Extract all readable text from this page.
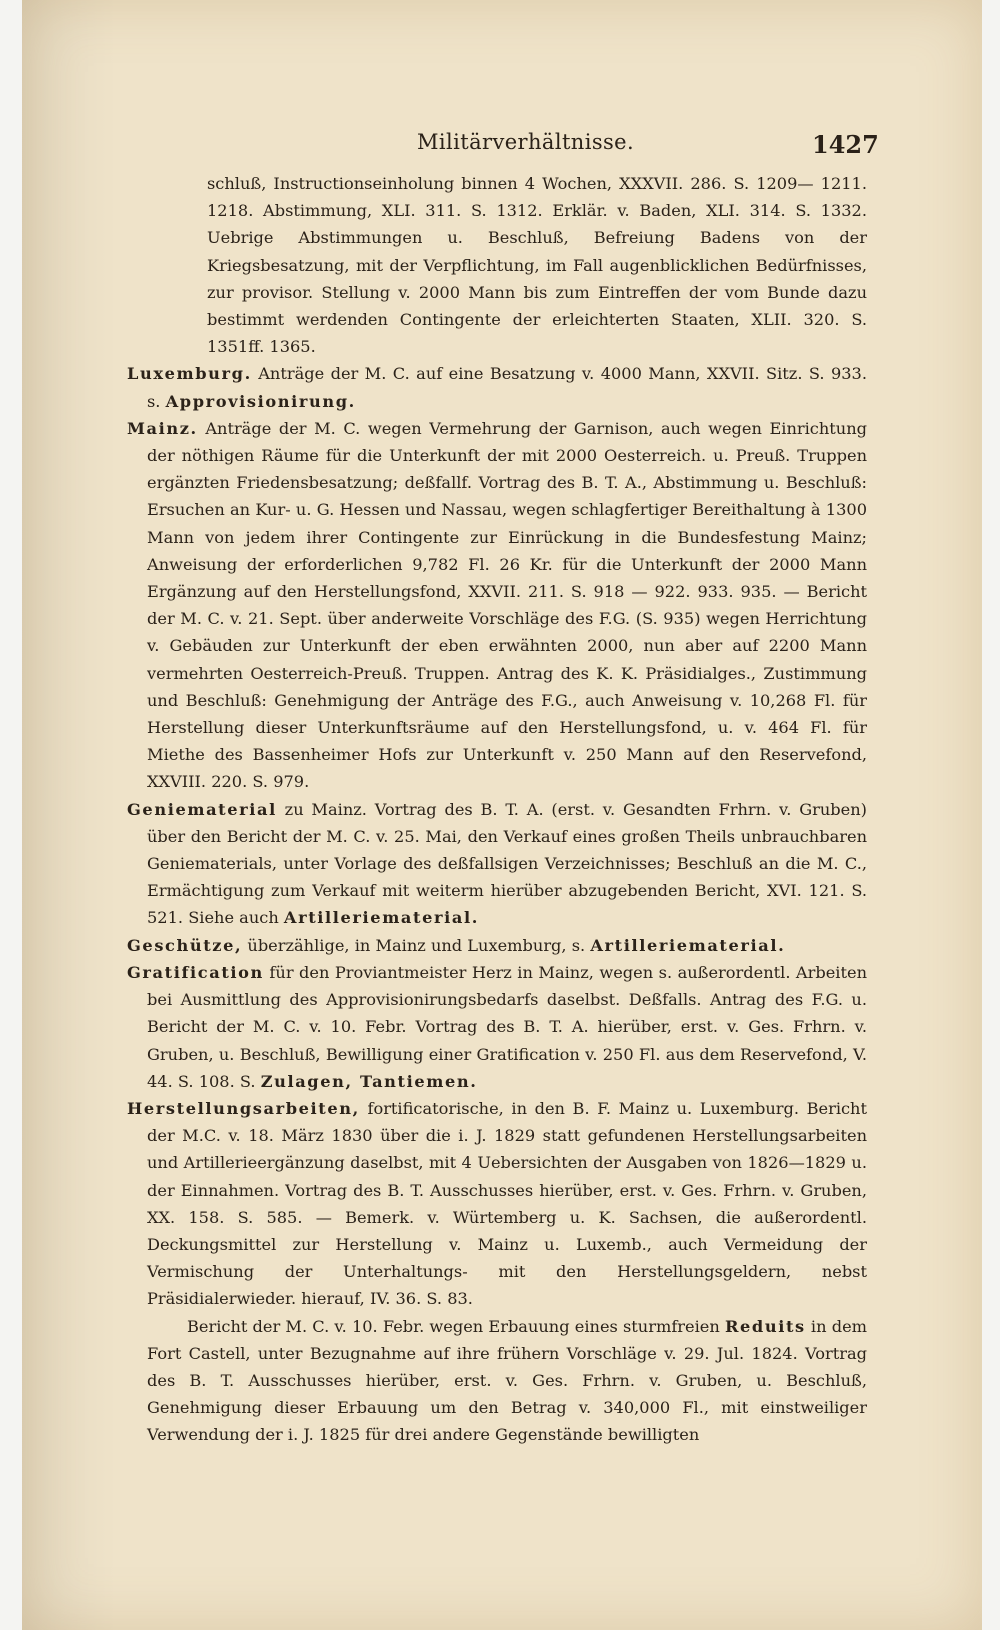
Militärverhältnisse.	1427

schluß, Instructionseinholung binnen 4 Wochen, XXXVII. 286. S. 1209— 1211. 1218. Abstimmung, XLI. 311. S. 1312. Erklär. v. Baden, XLI. 314. S. 1332. Uebrige Abstimmungen u. Beschluß, Befreiung Badens von der Kriegsbesatzung, mit der Verpflichtung, im Fall augenblicklichen Bedürfnisses, zur provisor. Stellung v. 2000 Mann bis zum Eintreffen der vom Bunde dazu bestimmt werdenden Contingente der erleichterten Staaten, XLII. 320. S. 1351ff. 1365.

Luxemburg. Anträge der M. C. auf eine Besatzung v. 4000 Mann, XXVII. Sitz. S. 933. s. Approvisionirung.

Mainz. Anträge der M. C. wegen Vermehrung der Garnison, auch wegen Einrichtung der nöthigen Räume für die Unterkunft der mit 2000 Oesterreich. u. Preuß. Truppen ergänzten Friedensbesatzung; deßfallf. Vortrag des B. T. A., Abstimmung u. Beschluß: Ersuchen an Kur- u. G. Hessen und Nassau, wegen schlagfertiger Bereithaltung à 1300 Mann von jedem ihrer Contingente zur Einrückung in die Bundesfestung Mainz; Anweisung der erforderlichen 9,782 Fl. 26 Kr. für die Unterkunft der 2000 Mann Ergänzung auf den Herstellungsfond, XXVII. 211. S. 918 — 922. 933. 935. — Bericht der M. C. v. 21. Sept. über anderweite Vorschläge des F.G. (S. 935) wegen Herrichtung v. Gebäuden zur Unterkunft der eben erwähnten 2000, nun aber auf 2200 Mann vermehrten Oesterreich-Preuß. Truppen. Antrag des K. K. Präsidialges., Zustimmung und Beschluß: Genehmigung der Anträge des F.G., auch Anweisung v. 10,268 Fl. für Herstellung dieser Unterkunftsräume auf den Herstellungsfond, u. v. 464 Fl. für Miethe des Bassenheimer Hofs zur Unterkunft v. 250 Mann auf den Reservefond, XXVIII. 220. S. 979.

Geniematerial zu Mainz. Vortrag des B. T. A. (erst. v. Gesandten Frhrn. v. Gruben) über den Bericht der M. C. v. 25. Mai, den Verkauf eines großen Theils unbrauchbaren Geniematerials, unter Vorlage des deßfallsigen Verzeichnisses; Beschluß an die M. C., Ermächtigung zum Verkauf mit weiterm hierüber abzugebenden Bericht, XVI. 121. S. 521. Siehe auch Artilleriematerial.

Geschütze, überzählige, in Mainz und Luxemburg, s. Artilleriematerial.

Gratification für den Proviantmeister Herz in Mainz, wegen s. außerordentl. Arbeiten bei Ausmittlung des Approvisionirungsbedarfs daselbst. Deßfalls. Antrag des F.G. u. Bericht der M. C. v. 10. Febr. Vortrag des B. T. A. hierüber, erst. v. Ges. Frhrn. v. Gruben, u. Beschluß, Bewilligung einer Gratification v. 250 Fl. aus dem Reservefond, V. 44. S. 108. S. Zulagen, Tantiemen.

Herstellungsarbeiten, fortificatorische, in den B. F. Mainz u. Luxemburg. Bericht der M.C. v. 18. März 1830 über die i. J. 1829 statt gefundenen Herstellungsarbeiten und Artillerieergänzung daselbst, mit 4 Uebersichten der Ausgaben von 1826—1829 u. der Einnahmen. Vortrag des B. T. Ausschusses hierüber, erst. v. Ges. Frhrn. v. Gruben, XX. 158. S. 585. — Bemerk. v. Würtemberg u. K. Sachsen, die außerordentl. Deckungsmittel zur Herstellung v. Mainz u. Luxemb., auch Vermeidung der Vermischung der Unterhaltungs- mit den Herstellungsgeldern, nebst Präsidialerwieder. hierauf, IV. 36. S. 83.

Bericht der M. C. v. 10. Febr. wegen Erbauung eines sturmfreien Reduits in dem Fort Castell, unter Bezugnahme auf ihre frühern Vorschläge v. 29. Jul. 1824. Vortrag des B. T. Ausschusses hierüber, erst. v. Ges. Frhrn. v. Gruben, u. Beschluß, Genehmigung dieser Erbauung um den Betrag v. 340,000 Fl., mit einstweiliger Verwendung der i. J. 1825 für drei andere Gegenstände bewilligten
